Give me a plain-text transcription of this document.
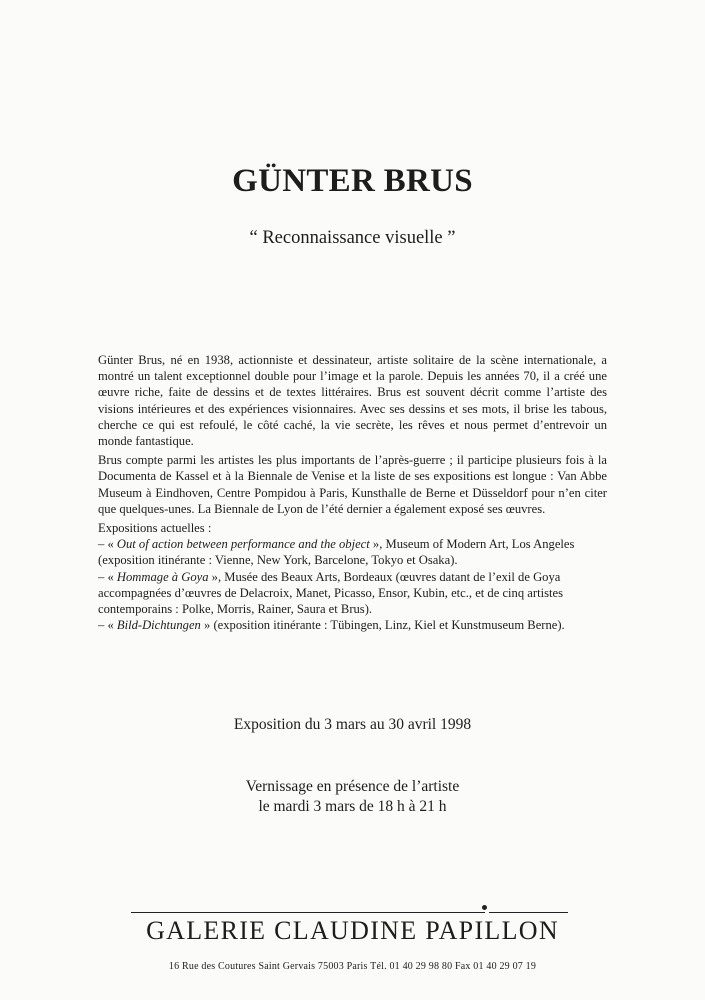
GÜNTER BRUS
“ Reconnaissance visuelle ”

Günter Brus, né en 1938, actionniste et dessinateur, artiste solitaire de la scène internationale, a montré un talent exceptionnel double pour l’image et la parole. Depuis les années 70, il a créé une œuvre riche, faite de dessins et de textes littéraires. Brus est souvent décrit comme l’artiste des visions intérieures et des expériences visionnaires. Avec ses dessins et ses mots, il brise les tabous, cherche ce qui est refoulé, le côté caché, la vie secrète, les rêves et nous permet d’entrevoir un monde fantastique.

Brus compte parmi les artistes les plus importants de l’après-guerre ; il participe plusieurs fois à la Documenta de Kassel et à la Biennale de Venise et la liste de ses expositions est longue : Van Abbe Museum à Eindhoven, Centre Pompidou à Paris, Kunsthalle de Berne et Düsseldorf pour n’en citer que quelques-unes. La Biennale de Lyon de l’été dernier a également exposé ses œuvres.

Expositions actuelles :
– « Out of action between performance and the object », Museum of Modern Art, Los Angeles (exposition itinérante : Vienne, New York, Barcelone, Tokyo et Osaka).
– « Hommage à Goya », Musée des Beaux Arts, Bordeaux (œuvres datant de l’exil de Goya accompagnées d’œuvres de Delacroix, Manet, Picasso, Ensor, Kubin, etc., et de cinq artistes contemporains : Polke, Morris, Rainer, Saura et Brus).
– « Bild-Dichtungen » (exposition itinérante : Tübingen, Linz, Kiel et Kunstmuseum Berne).

Exposition du 3 mars au 30 avril 1998
Vernissage en présence de l’artiste
le mardi 3 mars de 18 h à 21 h
GALERIE CLAUDINE PAPILLON
16 Rue des Coutures Saint Gervais 75003 Paris Tél. 01 40 29 98 80 Fax 01 40 29 07 19
